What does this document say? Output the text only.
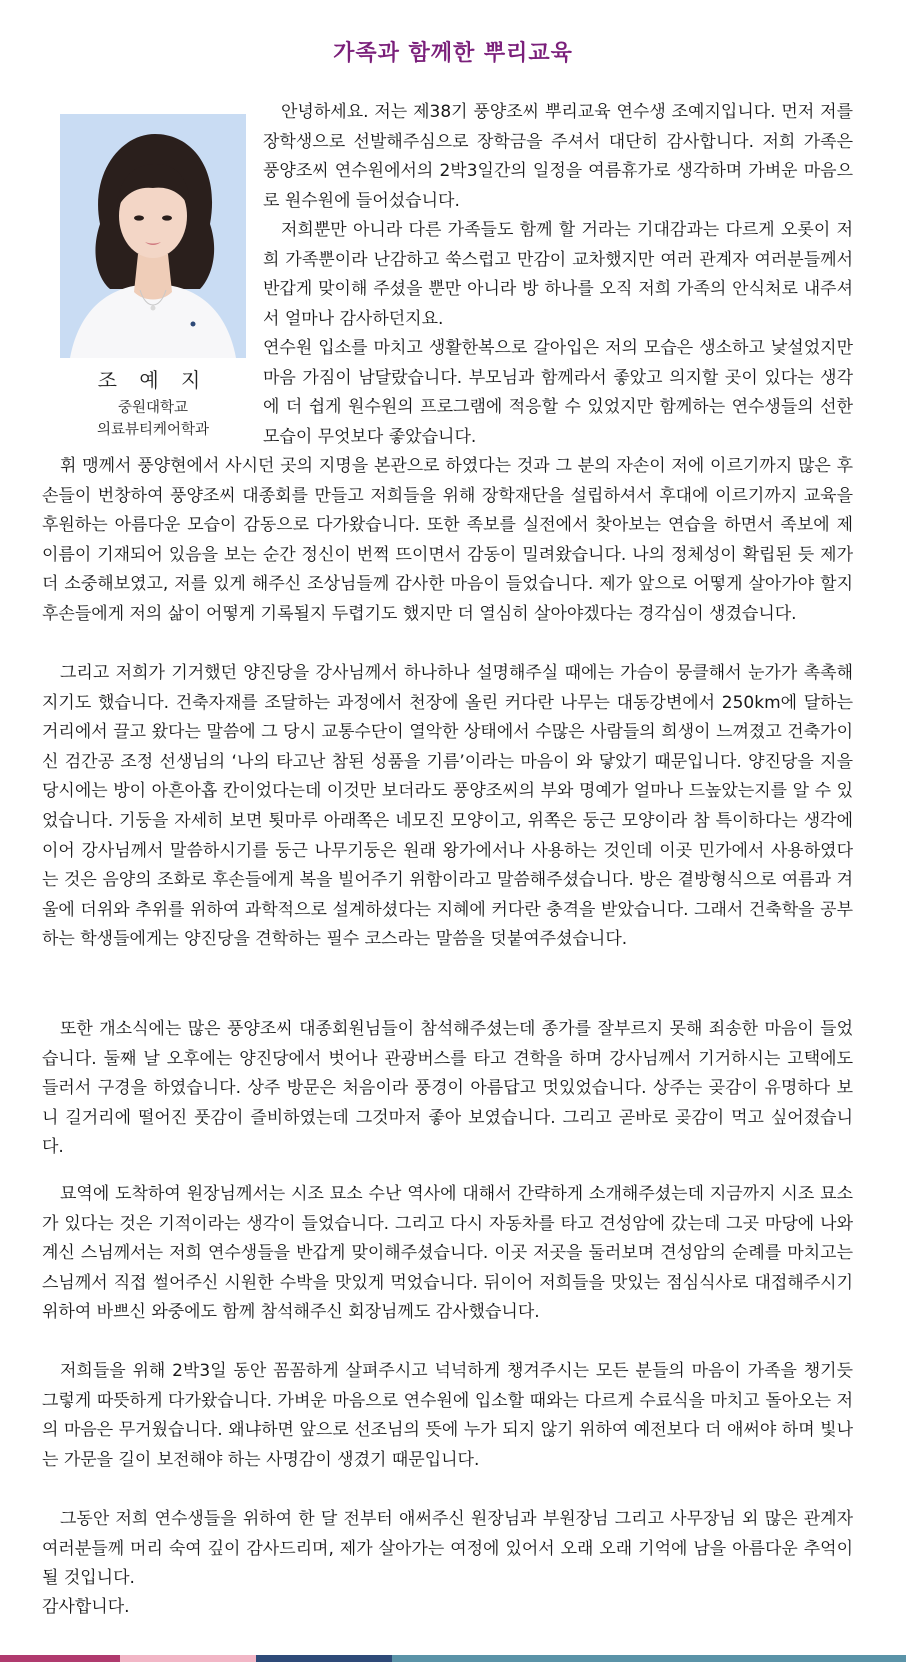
가족과 함께한 뿌리교육
조 예 지
중원대학교
의료뷰티케어학과

안녕하세요. 저는 제38기 풍양조씨 뿌리교육 연수생 조예지입니다. 먼저 저를 장학생으로 선발해주심으로 장학금을 주셔서 대단히 감사합니다. 저희 가족은 풍양조씨 연수원에서의 2박3일간의 일정을 여름휴가로 생각하며 가벼운 마음으로 원수원에 들어섰습니다.

저희뿐만 아니라 다른 가족들도 함께 할 거라는 기대감과는 다르게 오롯이 저희 가족뿐이라 난감하고 쑥스럽고 만감이 교차했지만 여러 관계자 여러분들께서 반갑게 맞이해 주셨을 뿐만 아니라 방 하나를 오직 저희 가족의 안식처로 내주셔서 얼마나 감사하던지요.

연수원 입소를 마치고 생활한복으로 갈아입은 저의 모습은 생소하고 낯설었지만 마음 가짐이 남달랐습니다. 부모님과 함께라서 좋았고 의지할 곳이 있다는 생각에 더 쉽게 원수원의 프로그램에 적응할 수 있었지만 함께하는 연수생들의 선한 모습이 무엇보다 좋았습니다.

휘 맹께서 풍양현에서 사시던 곳의 지명을 본관으로 하였다는 것과 그 분의 자손이 저에 이르기까지 많은 후손들이 번창하여 풍양조씨 대종회를 만들고 저희들을 위해 장학재단을 설립하셔서 후대에 이르기까지 교육을 후원하는 아름다운 모습이 감동으로 다가왔습니다. 또한 족보를 실전에서 찾아보는 연습을 하면서 족보에 제 이름이 기재되어 있음을 보는 순간 정신이 번쩍 뜨이면서 감동이 밀려왔습니다. 나의 정체성이 확립된 듯 제가 더 소중해보였고, 저를 있게 해주신 조상님들께 감사한 마음이 들었습니다. 제가 앞으로 어떻게 살아가야 할지 후손들에게 저의 삶이 어떻게 기록될지 두렵기도 했지만 더 열심히 살아야겠다는 경각심이 생겼습니다.

그리고 저희가 기거했던 양진당을 강사님께서 하나하나 설명해주실 때에는 가슴이 뭉클해서 눈가가 촉촉해지기도 했습니다. 건축자재를 조달하는 과정에서 천장에 올린 커다란 나무는 대동강변에서 250km에 달하는 거리에서 끌고 왔다는 말씀에 그 당시 교통수단이 열악한 상태에서 수많은 사람들의 희생이 느껴졌고 건축가이신 검간공 조정 선생님의 ‘나의 타고난 참된 성품을 기름’이라는 마음이 와 닿았기 때문입니다. 양진당을 지을 당시에는 방이 아흔아홉 칸이었다는데 이것만 보더라도 풍양조씨의 부와 명예가 얼마나 드높았는지를 알 수 있었습니다. 기둥을 자세히 보면 툇마루 아래쪽은 네모진 모양이고, 위쪽은 둥근 모양이라 참 특이하다는 생각에 이어 강사님께서 말씀하시기를 둥근 나무기둥은 원래 왕가에서나 사용하는 것인데 이곳 민가에서 사용하였다는 것은 음양의 조화로 후손들에게 복을 빌어주기 위함이라고 말씀해주셨습니다. 방은 곁방형식으로 여름과 겨울에 더위와 추위를 위하여 과학적으로 설계하셨다는 지혜에 커다란 충격을 받았습니다. 그래서 건축학을 공부하는 학생들에게는 양진당을 견학하는 필수 코스라는 말씀을 덧붙여주셨습니다.

또한 개소식에는 많은 풍양조씨 대종회원님들이 참석해주셨는데 종가를 잘부르지 못해 죄송한 마음이 들었습니다. 둘째 날 오후에는 양진당에서 벗어나 관광버스를 타고 견학을 하며 강사님께서 기거하시는 고택에도 들러서 구경을 하였습니다. 상주 방문은 처음이라 풍경이 아름답고 멋있었습니다. 상주는 곶감이 유명하다 보니 길거리에 떨어진 풋감이 즐비하였는데 그것마저 좋아 보였습니다. 그리고 곧바로 곶감이 먹고 싶어졌습니다.

묘역에 도착하여 원장님께서는 시조 묘소 수난 역사에 대해서 간략하게 소개해주셨는데 지금까지 시조 묘소가 있다는 것은 기적이라는 생각이 들었습니다. 그리고 다시 자동차를 타고 견성암에 갔는데 그곳 마당에 나와 계신 스님께서는 저희 연수생들을 반갑게 맞이해주셨습니다. 이곳 저곳을 둘러보며 견성암의 순례를 마치고는 스님께서 직접 썰어주신 시원한 수박을 맛있게 먹었습니다. 뒤이어 저희들을 맛있는 점심식사로 대접해주시기 위하여 바쁘신 와중에도 함께 참석해주신 회장님께도 감사했습니다.

저희들을 위해 2박3일 동안 꼼꼼하게 살펴주시고 넉넉하게 챙겨주시는 모든 분들의 마음이 가족을 챙기듯 그렇게 따뜻하게 다가왔습니다. 가벼운 마음으로 연수원에 입소할 때와는 다르게 수료식을 마치고 돌아오는 저의 마음은 무거웠습니다. 왜냐하면 앞으로 선조님의 뜻에 누가 되지 않기 위하여 예전보다 더 애써야 하며 빛나는 가문을 길이 보전해야 하는 사명감이 생겼기 때문입니다.

그동안 저희 연수생들을 위하여 한 달 전부터 애써주신 원장님과 부원장님 그리고 사무장님 외 많은 관계자 여러분들께 머리 숙여 깊이 감사드리며, 제가 살아가는 여정에 있어서 오래 오래 기억에 남을 아름다운 추억이 될 것입니다.

감사합니다.
